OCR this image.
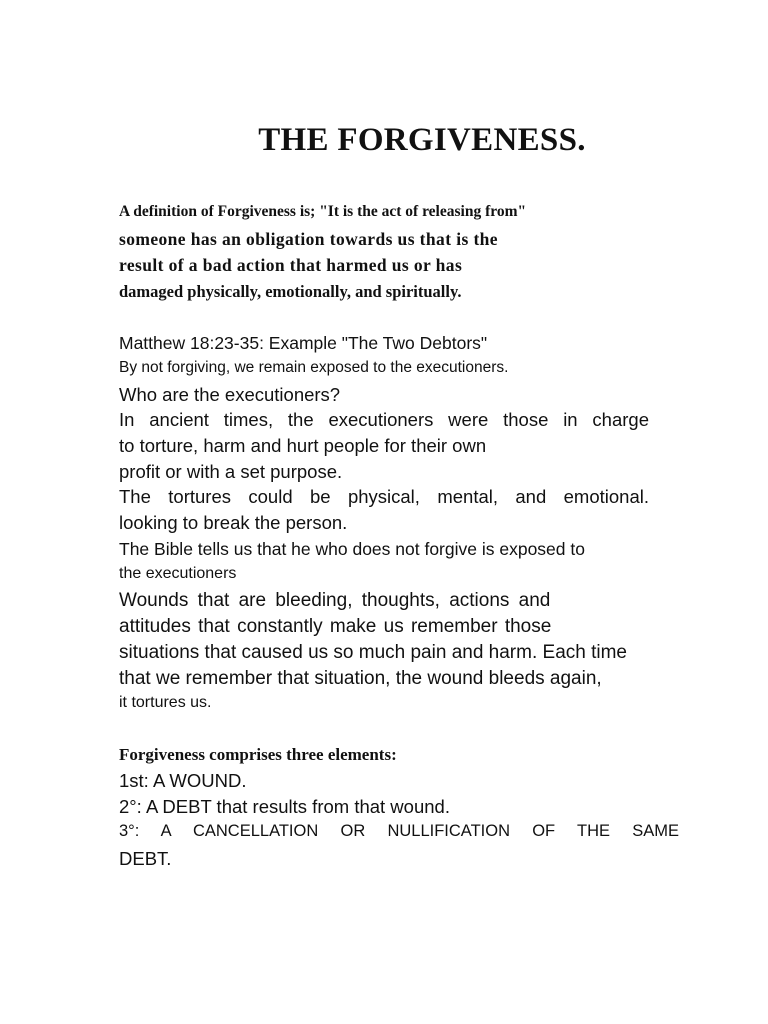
THE FORGIVENESS.
A definition of Forgiveness is; "It is the act of releasing from"
someone has an obligation towards us that is the
result of a bad action that harmed us or has
damaged physically, emotionally, and spiritually.
Matthew 18:23-35: Example "The Two Debtors"
By not forgiving, we remain exposed to the executioners.
Who are the executioners?
In ancient times, the executioners were those in charge
to torture, harm and hurt people for their own
profit or with a set purpose.
The tortures could be physical, mental, and emotional.
looking to break the person.
The Bible tells us that he who does not forgive is exposed to
the executioners
Wounds that are bleeding, thoughts, actions and
attitudes that constantly make us remember those
situations that caused us so much pain and harm. Each time
that we remember that situation, the wound bleeds again,
it tortures us.
Forgiveness comprises three elements:
1st: A WOUND.
2°: A DEBT that results from that wound.
3°: A CANCELLATION OR NULLIFICATION OF THE SAME
DEBT.
